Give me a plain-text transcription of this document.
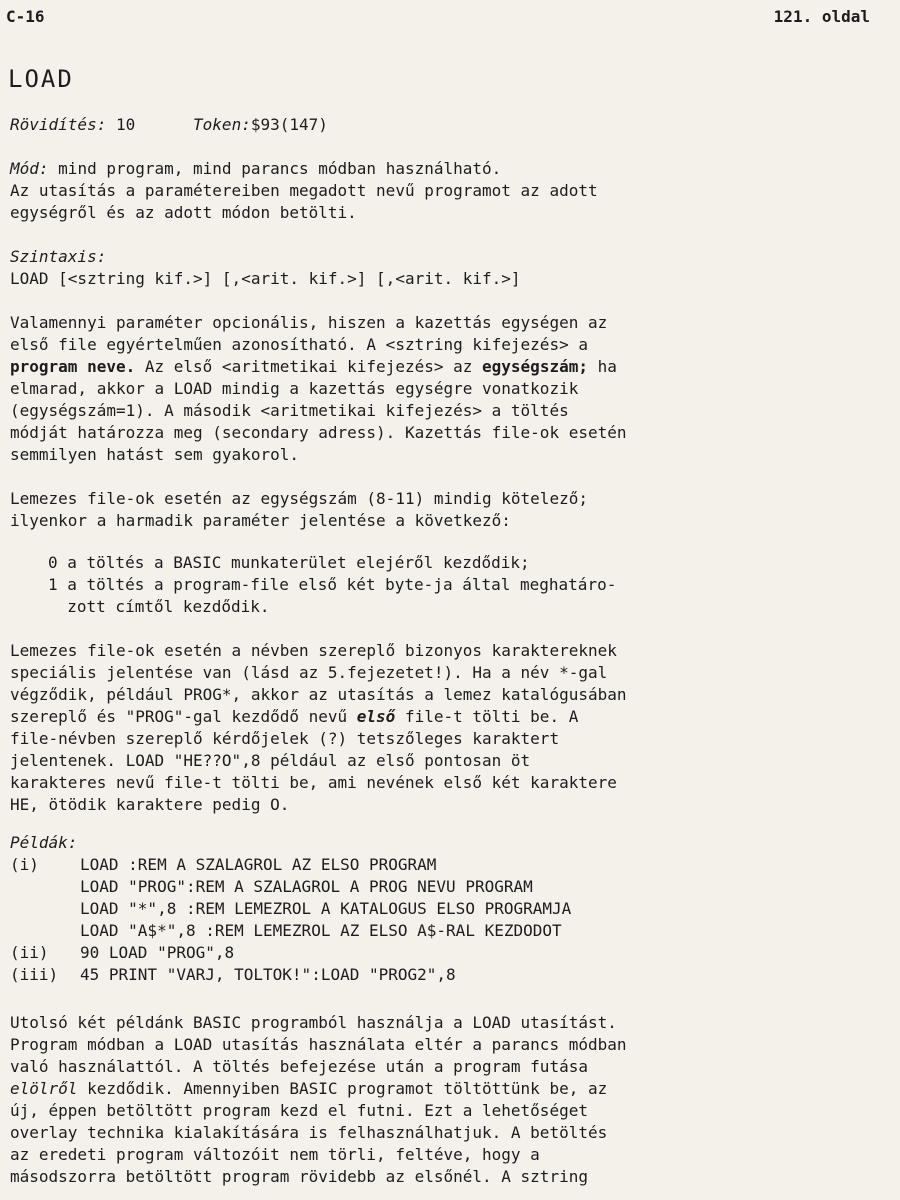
C-16	121. oldal
LOAD
Rövidítés: 10	Token:$93(147)
Mód: mind program, mind parancs módban használható.
Az utasítás a paramétereiben megadott nevű programot az adott
egységről és az adott módon betölti.
Szintaxis:
LOAD [<sztring kif.>] [,<arit. kif.>] [,<arit. kif.>]
Valamennyi paraméter opcionális, hiszen a kazettás egységen az
első file egyértelműen azonosítható. A <sztring kifejezés> a
program neve. Az első <aritmetikai kifejezés> az egységszám; ha
elmarad, akkor a LOAD mindig a kazettás egységre vonatkozik
(egységszám=1). A második <aritmetikai kifejezés> a töltés
módját határozza meg (secondary adress). Kazettás file-ok esetén
semmilyen hatást sem gyakorol.
Lemezes file-ok esetén az egységszám (8-11) mindig kötelező;
ilyenkor a harmadik paraméter jelentése a következő:
0 a töltés a BASIC munkaterület elejéről kezdődik;
1 a töltés a program-file első két byte-ja által meghatáro-
zott címtől kezdődik.
Lemezes file-ok esetén a névben szereplő bizonyos karaktereknek
speciális jelentése van (lásd az 5.fejezetet!). Ha a név *-gal
végződik, például PROG*, akkor az utasítás a lemez katalógusában
szereplő és "PROG"-gal kezdődő nevű első file-t tölti be. A
file-névben szereplő kérdőjelek (?) tetszőleges karaktert
jelentenek. LOAD "HE??O",8 például az első pontosan öt
karakteres nevű file-t tölti be, ami nevének első két karaktere
HE, ötödik karaktere pedig O.
Példák:
(i)	LOAD :REM A SZALAGROL AZ ELSO PROGRAM
LOAD "PROG":REM A SZALAGROL A PROG NEVU PROGRAM
LOAD "*",8 :REM LEMEZROL A KATALOGUS ELSO PROGRAMJA
LOAD "A$*",8 :REM LEMEZROL AZ ELSO A$-RAL KEZDODOT
(ii) 90 LOAD "PROG",8
(iii) 45 PRINT "VARJ, TOLTOK!":LOAD "PROG2",8
Utolsó két példánk BASIC programból használja a LOAD utasítást.
Program módban a LOAD utasítás használata eltér a parancs módban
való használattól. A töltés befejezése után a program futása
elölről kezdődik. Amennyiben BASIC programot töltöttünk be, az
új, éppen betöltött program kezd el futni. Ezt a lehetőséget
overlay technika kialakítására is felhasználhatjuk. A betöltés
az eredeti program változóit nem törli, feltéve, hogy a
másodszorra betöltött program rövidebb az elsőnél. A sztring
